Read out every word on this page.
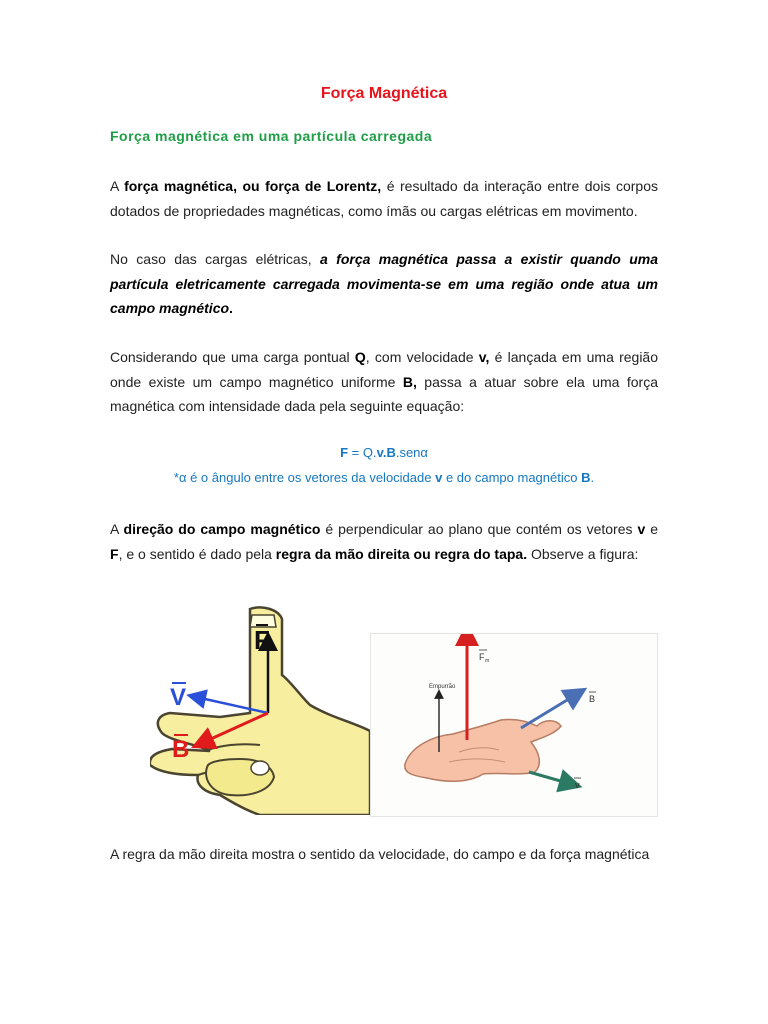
Força Magnética
Força magnética em uma partícula carregada
A força magnética, ou força de Lorentz, é resultado da interação entre dois corpos dotados de propriedades magnéticas, como ímãs ou cargas elétricas em movimento.
No caso das cargas elétricas, a força magnética passa a existir quando uma partícula eletricamente carregada movimenta-se em uma região onde atua um campo magnético.
Considerando que uma carga pontual Q, com velocidade v, é lançada em uma região onde existe um campo magnético uniforme B, passa a atuar sobre ela uma força magnética com intensidade dada pela seguinte equação:
F = Q.v.B.senα
*α é o ângulo entre os vetores da velocidade v e do campo magnético B.
A direção do campo magnético é perpendicular ao plano que contém os vetores v e F, e o sentido é dado pela regra da mão direita ou regra do tapa. Observe a figura:
F
V
B
Empurrão
F m
B
v
A regra da mão direita mostra o sentido da velocidade, do campo e da força magnética
